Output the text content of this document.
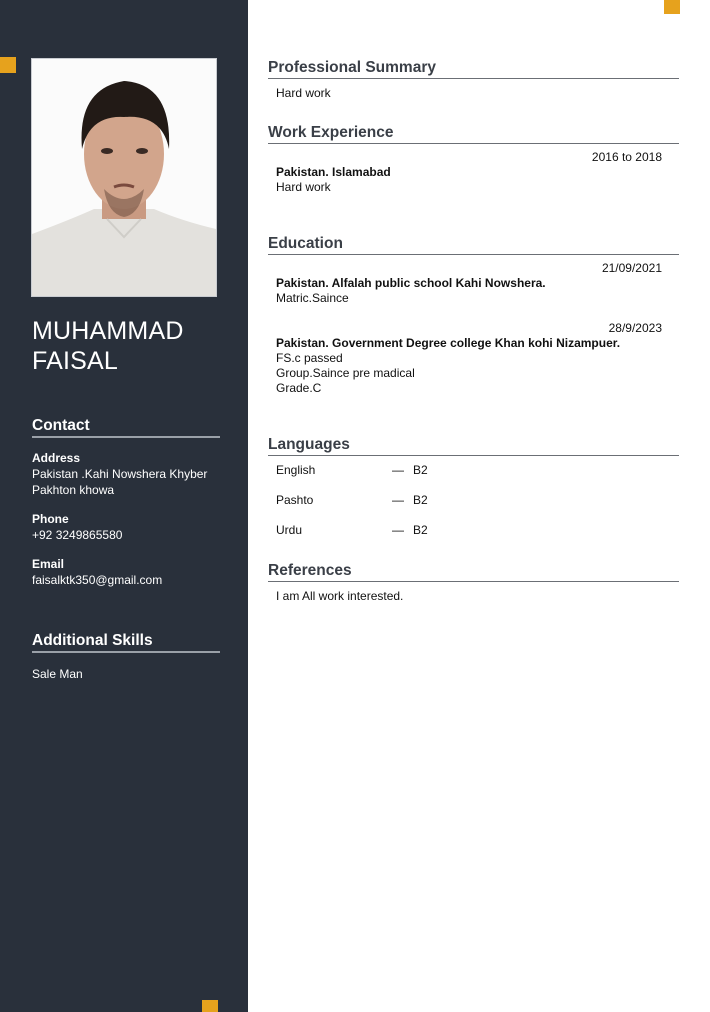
MUHAMMAD
FAISAL
Contact
Address
Pakistan .Kahi Nowshera Khyber
Pakhton khowa
Phone
+92 3249865580
Email
faisalktk350@gmail.com
Additional Skills
Sale Man
Professional Summary
Hard work
Work Experience
2016 to 2018
Pakistan. Islamabad
Hard work
Education
21/09/2021
Pakistan. Alfalah public school Kahi Nowshera.
Matric.Saince
28/9/2023
Pakistan. Government Degree college Khan kohi Nizampuer.
FS.c passed
Group.Saince pre madical
Grade.C
Languages
English	— B2
Pashto	— B2
Urdu	— B2
References
I am All work interested.
